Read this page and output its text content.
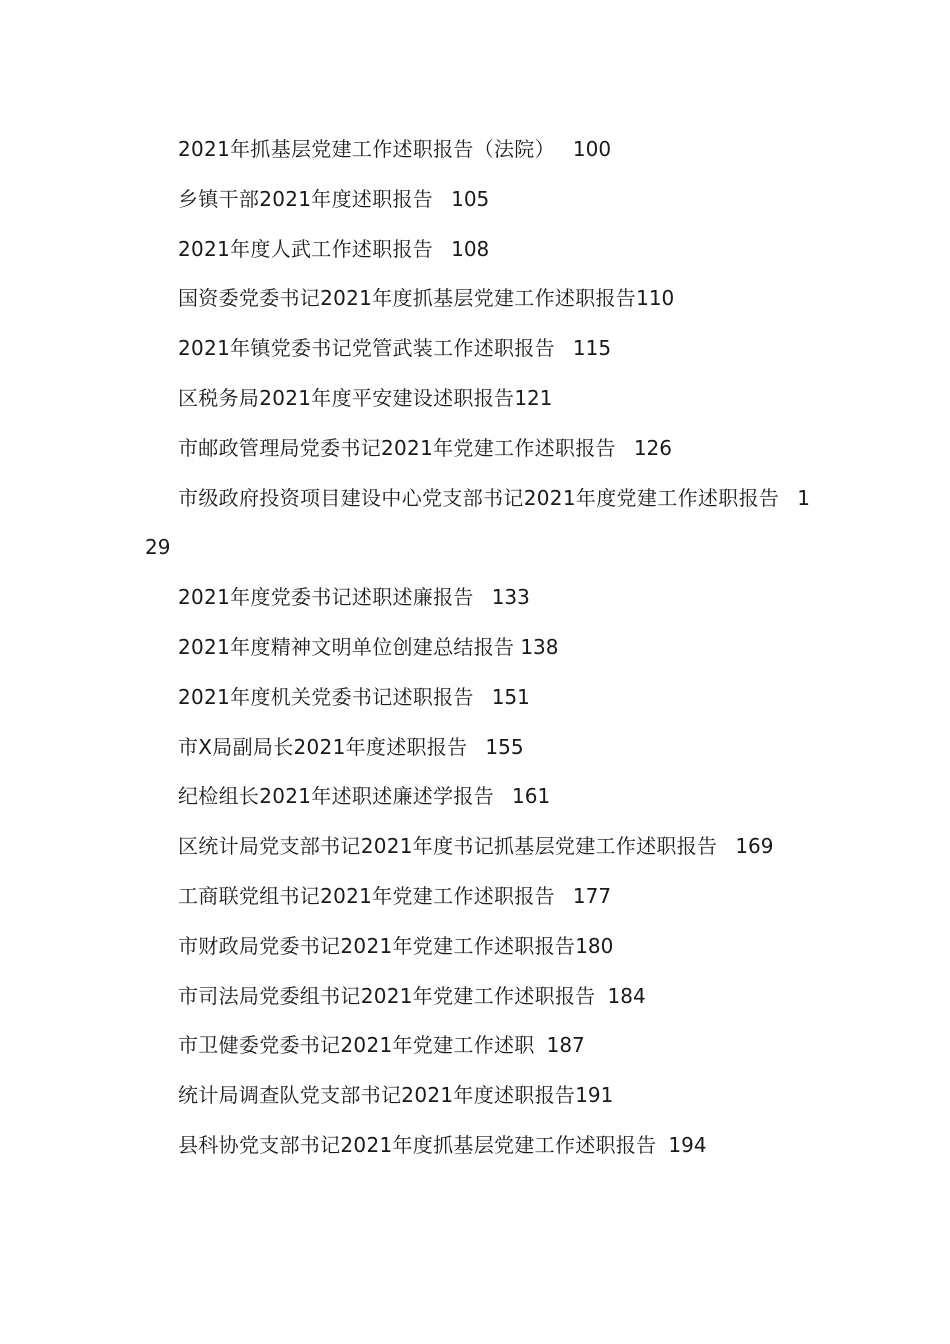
2021年抓基层党建工作述职报告（法院） 100
乡镇干部2021年度述职报告 105
2021年度人武工作述职报告 108
国资委党委书记2021年度抓基层党建工作述职报告110
2021年镇党委书记党管武装工作述职报告 115
区税务局2021年度平安建设述职报告121
市邮政管理局党委书记2021年党建工作述职报告 126
市级政府投资项目建设中心党支部书记2021年度党建工作述职报告 129
2021年度党委书记述职述廉报告 133
2021年度精神文明单位创建总结报告 138
2021年度机关党委书记述职报告 151
市X局副局长2021年度述职报告 155
纪检组长2021年述职述廉述学报告 161
区统计局党支部书记2021年度书记抓基层党建工作述职报告 169
工商联党组书记2021年党建工作述职报告 177
市财政局党委书记2021年党建工作述职报告180
市司法局党委组书记2021年党建工作述职报告 184
市卫健委党委书记2021年党建工作述职 187
统计局调查队党支部书记2021年度述职报告191
县科协党支部书记2021年度抓基层党建工作述职报告 194
